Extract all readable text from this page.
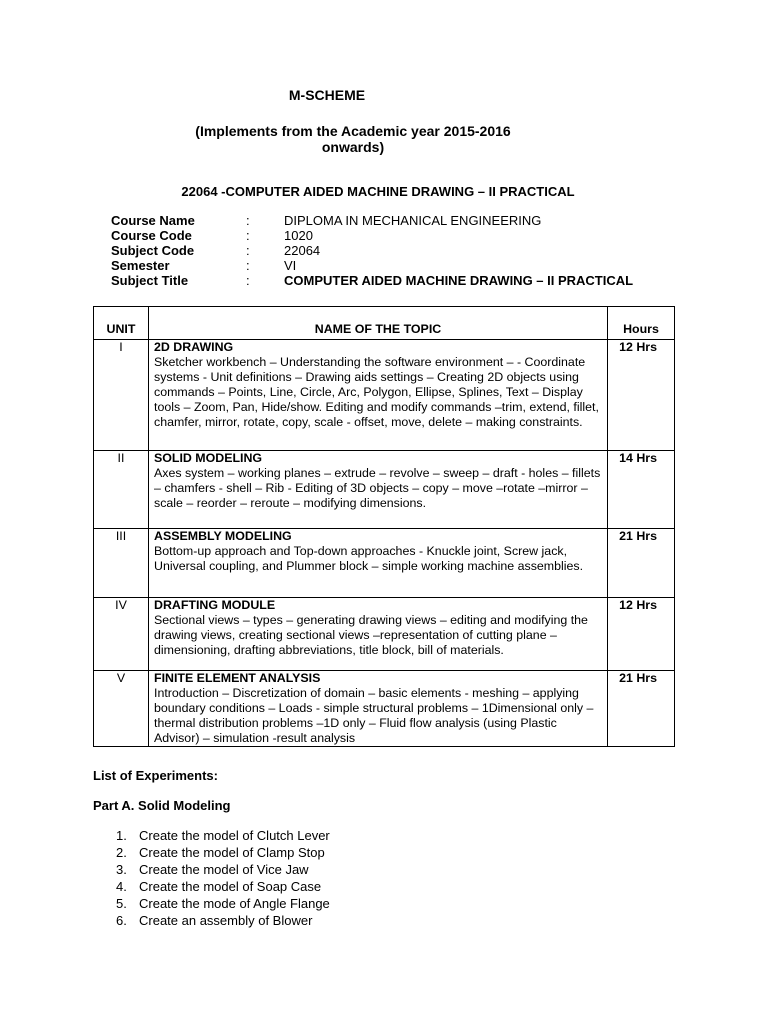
M-SCHEME
(Implements from the Academic year 2015-2016
onwards)
22064 -COMPUTER AIDED MACHINE DRAWING – II PRACTICAL
Course Name	:	DIPLOMA IN MECHANICAL ENGINEERING
Course Code	:	1020
Subject Code	:	22064
Semester	:	VI
Subject Title	:	COMPUTER AIDED MACHINE DRAWING – II PRACTICAL
UNIT	NAME OF THE TOPIC	Hours
I	2D DRAWING
Sketcher workbench – Understanding the software environment – - Coordinate systems - Unit definitions – Drawing aids settings – Creating 2D objects using commands – Points, Line, Circle, Arc, Polygon, Ellipse, Splines, Text – Display tools – Zoom, Pan, Hide/show. Editing and modify commands –trim, extend, fillet, chamfer, mirror, rotate, copy, scale - offset, move, delete – making constraints.	12 Hrs
II	SOLID MODELING
Axes system – working planes – extrude – revolve – sweep – draft - holes – fillets – chamfers - shell – Rib - Editing of 3D objects – copy – move –rotate –mirror –scale – reorder – reroute – modifying dimensions.	14 Hrs
III	ASSEMBLY MODELING
Bottom-up approach and Top-down approaches - Knuckle joint, Screw jack, Universal coupling, and Plummer block – simple working machine assemblies.	21 Hrs
IV	DRAFTING MODULE
Sectional views – types – generating drawing views – editing and modifying the drawing views, creating sectional views –representation of cutting plane – dimensioning, drafting abbreviations, title block, bill of materials.	12 Hrs
V	FINITE ELEMENT ANALYSIS
Introduction – Discretization of domain – basic elements - meshing – applying boundary conditions – Loads - simple structural problems – 1Dimensional only – thermal distribution problems –1D only – Fluid flow analysis (using Plastic Advisor) – simulation -result analysis	21 Hrs
List of Experiments:
Part A. Solid Modeling
1. Create the model of Clutch Lever
2. Create the model of Clamp Stop
3. Create the model of Vice Jaw
4. Create the model of Soap Case
5. Create the mode of Angle Flange
6. Create an assembly of Blower
